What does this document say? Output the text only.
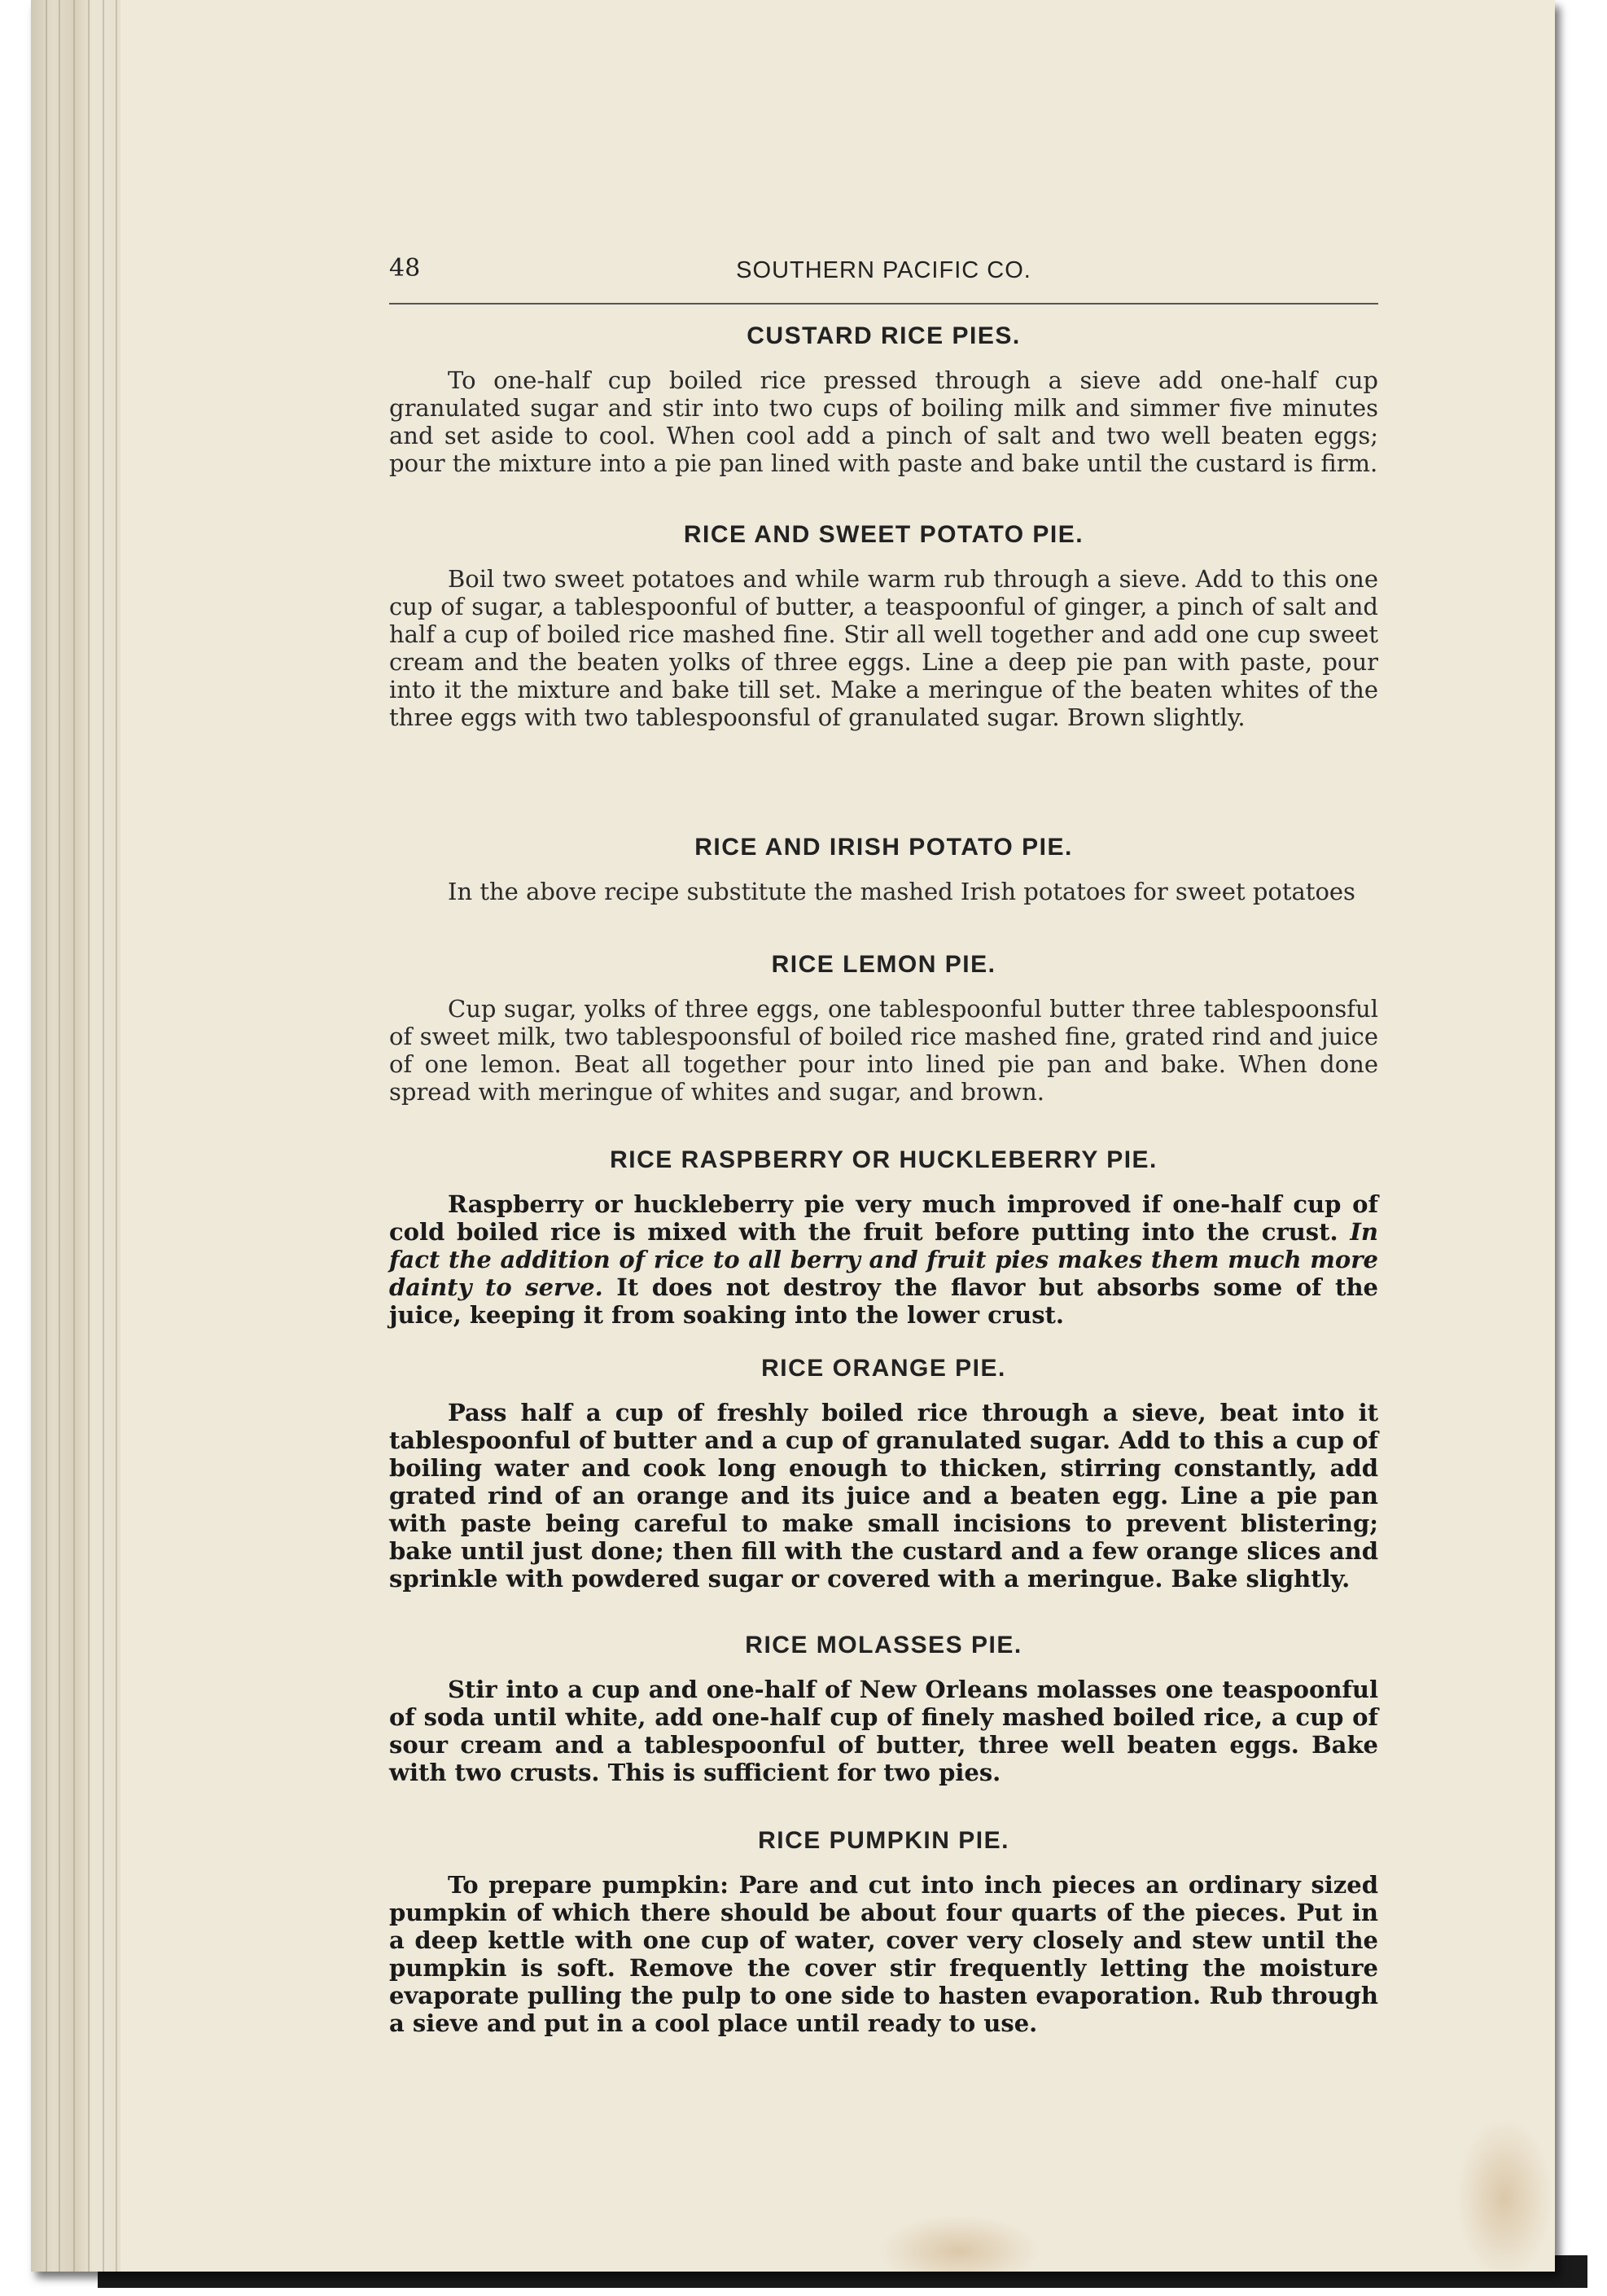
48	SOUTHERN PACIFIC CO.
CUSTARD RICE PIES.

To one-half cup boiled rice pressed through a sieve add one-half cup granulated sugar and stir into two cups of boiling milk and simmer five minutes and set aside to cool. When cool add a pinch of salt and two well beaten eggs; pour the mixture into a pie pan lined with paste and bake until the custard is firm.

RICE AND SWEET POTATO PIE.

Boil two sweet potatoes and while warm rub through a sieve. Add to this one cup of sugar, a tablespoonful of butter, a teaspoonful of ginger, a pinch of salt and half a cup of boiled rice mashed fine. Stir all well together and add one cup sweet cream and the beaten yolks of three eggs. Line a deep pie pan with paste, pour into it the mixture and bake till set. Make a meringue of the beaten whites of the three eggs with two tablespoonsful of granulated sugar. Brown slightly.

RICE AND IRISH POTATO PIE.

In the above recipe substitute the mashed Irish potatoes for sweet potatoes

RICE LEMON PIE.

Cup sugar, yolks of three eggs, one tablespoonful butter three tablespoonsful of sweet milk, two tablespoonsful of boiled rice mashed fine, grated rind and juice of one lemon. Beat all together pour into lined pie pan and bake. When done spread with meringue of whites and sugar, and brown.

RICE RASPBERRY OR HUCKLEBERRY PIE.

Raspberry or huckleberry pie very much improved if one-half cup of cold boiled rice is mixed with the fruit before putting into the crust. In fact the addition of rice to all berry and fruit pies makes them much more dainty to serve. It does not destroy the flavor but absorbs some of the juice, keeping it from soaking into the lower crust.

RICE ORANGE PIE.

Pass half a cup of freshly boiled rice through a sieve, beat into it tablespoonful of butter and a cup of granulated sugar. Add to this a cup of boiling water and cook long enough to thicken, stirring constantly, add grated rind of an orange and its juice and a beaten egg. Line a pie pan with paste being careful to make small incisions to prevent blistering; bake until just done; then fill with the custard and a few orange slices and sprinkle with powdered sugar or covered with a meringue. Bake slightly.

RICE MOLASSES PIE.

Stir into a cup and one-half of New Orleans molasses one teaspoonful of soda until white, add one-half cup of finely mashed boiled rice, a cup of sour cream and a tablespoonful of butter, three well beaten eggs. Bake with two crusts. This is sufficient for two pies.

RICE PUMPKIN PIE.

To prepare pumpkin: Pare and cut into inch pieces an ordinary sized pumpkin of which there should be about four quarts of the pieces. Put in a deep kettle with one cup of water, cover very closely and stew until the pumpkin is soft. Remove the cover stir frequently letting the moisture evaporate pulling the pulp to one side to hasten evaporation. Rub through a sieve and put in a cool place until ready to use.
